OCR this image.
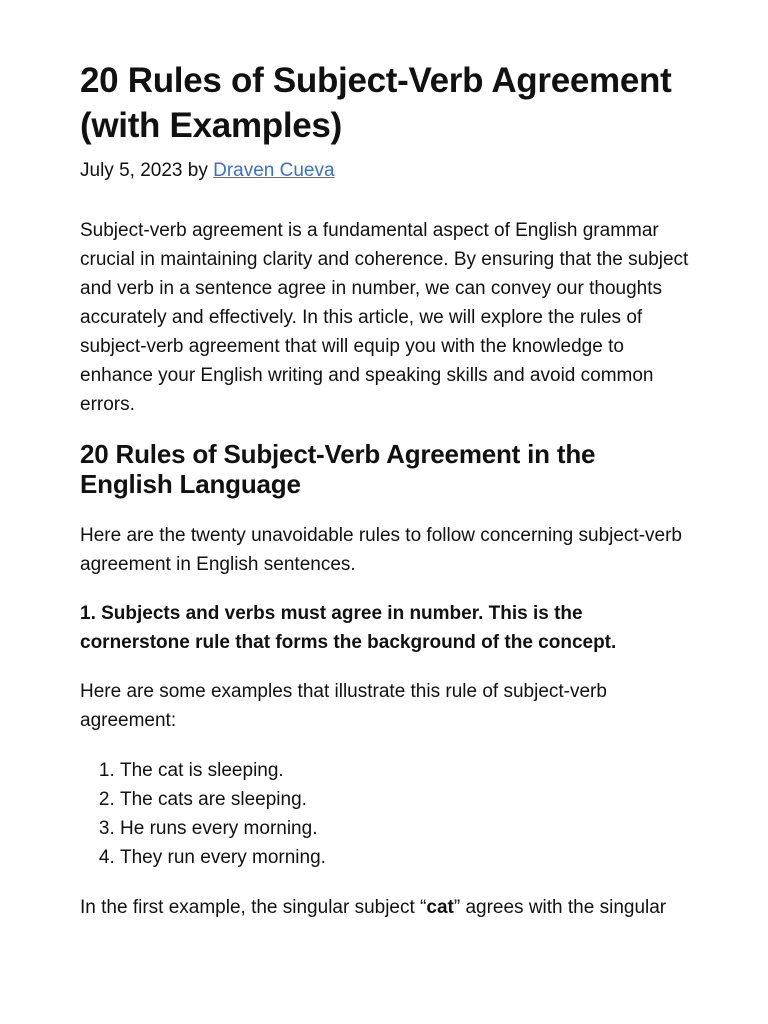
20 Rules of Subject-Verb Agreement (with Examples)
July 5, 2023 by Draven Cueva

Subject-verb agreement is a fundamental aspect of English grammar crucial in maintaining clarity and coherence. By ensuring that the subject and verb in a sentence agree in number, we can convey our thoughts accurately and effectively. In this article, we will explore the rules of subject-verb agreement that will equip you with the knowledge to enhance your English writing and speaking skills and avoid common errors.

20 Rules of Subject-Verb Agreement in the English Language

Here are the twenty unavoidable rules to follow concerning subject-verb agreement in English sentences.

1. Subjects and verbs must agree in number. This is the cornerstone rule that forms the background of the concept.

Here are some examples that illustrate this rule of subject-verb agreement:

1. The cat is sleeping.
2. The cats are sleeping.
3. He runs every morning.
4. They run every morning.

In the first example, the singular subject “cat” agrees with the singular
